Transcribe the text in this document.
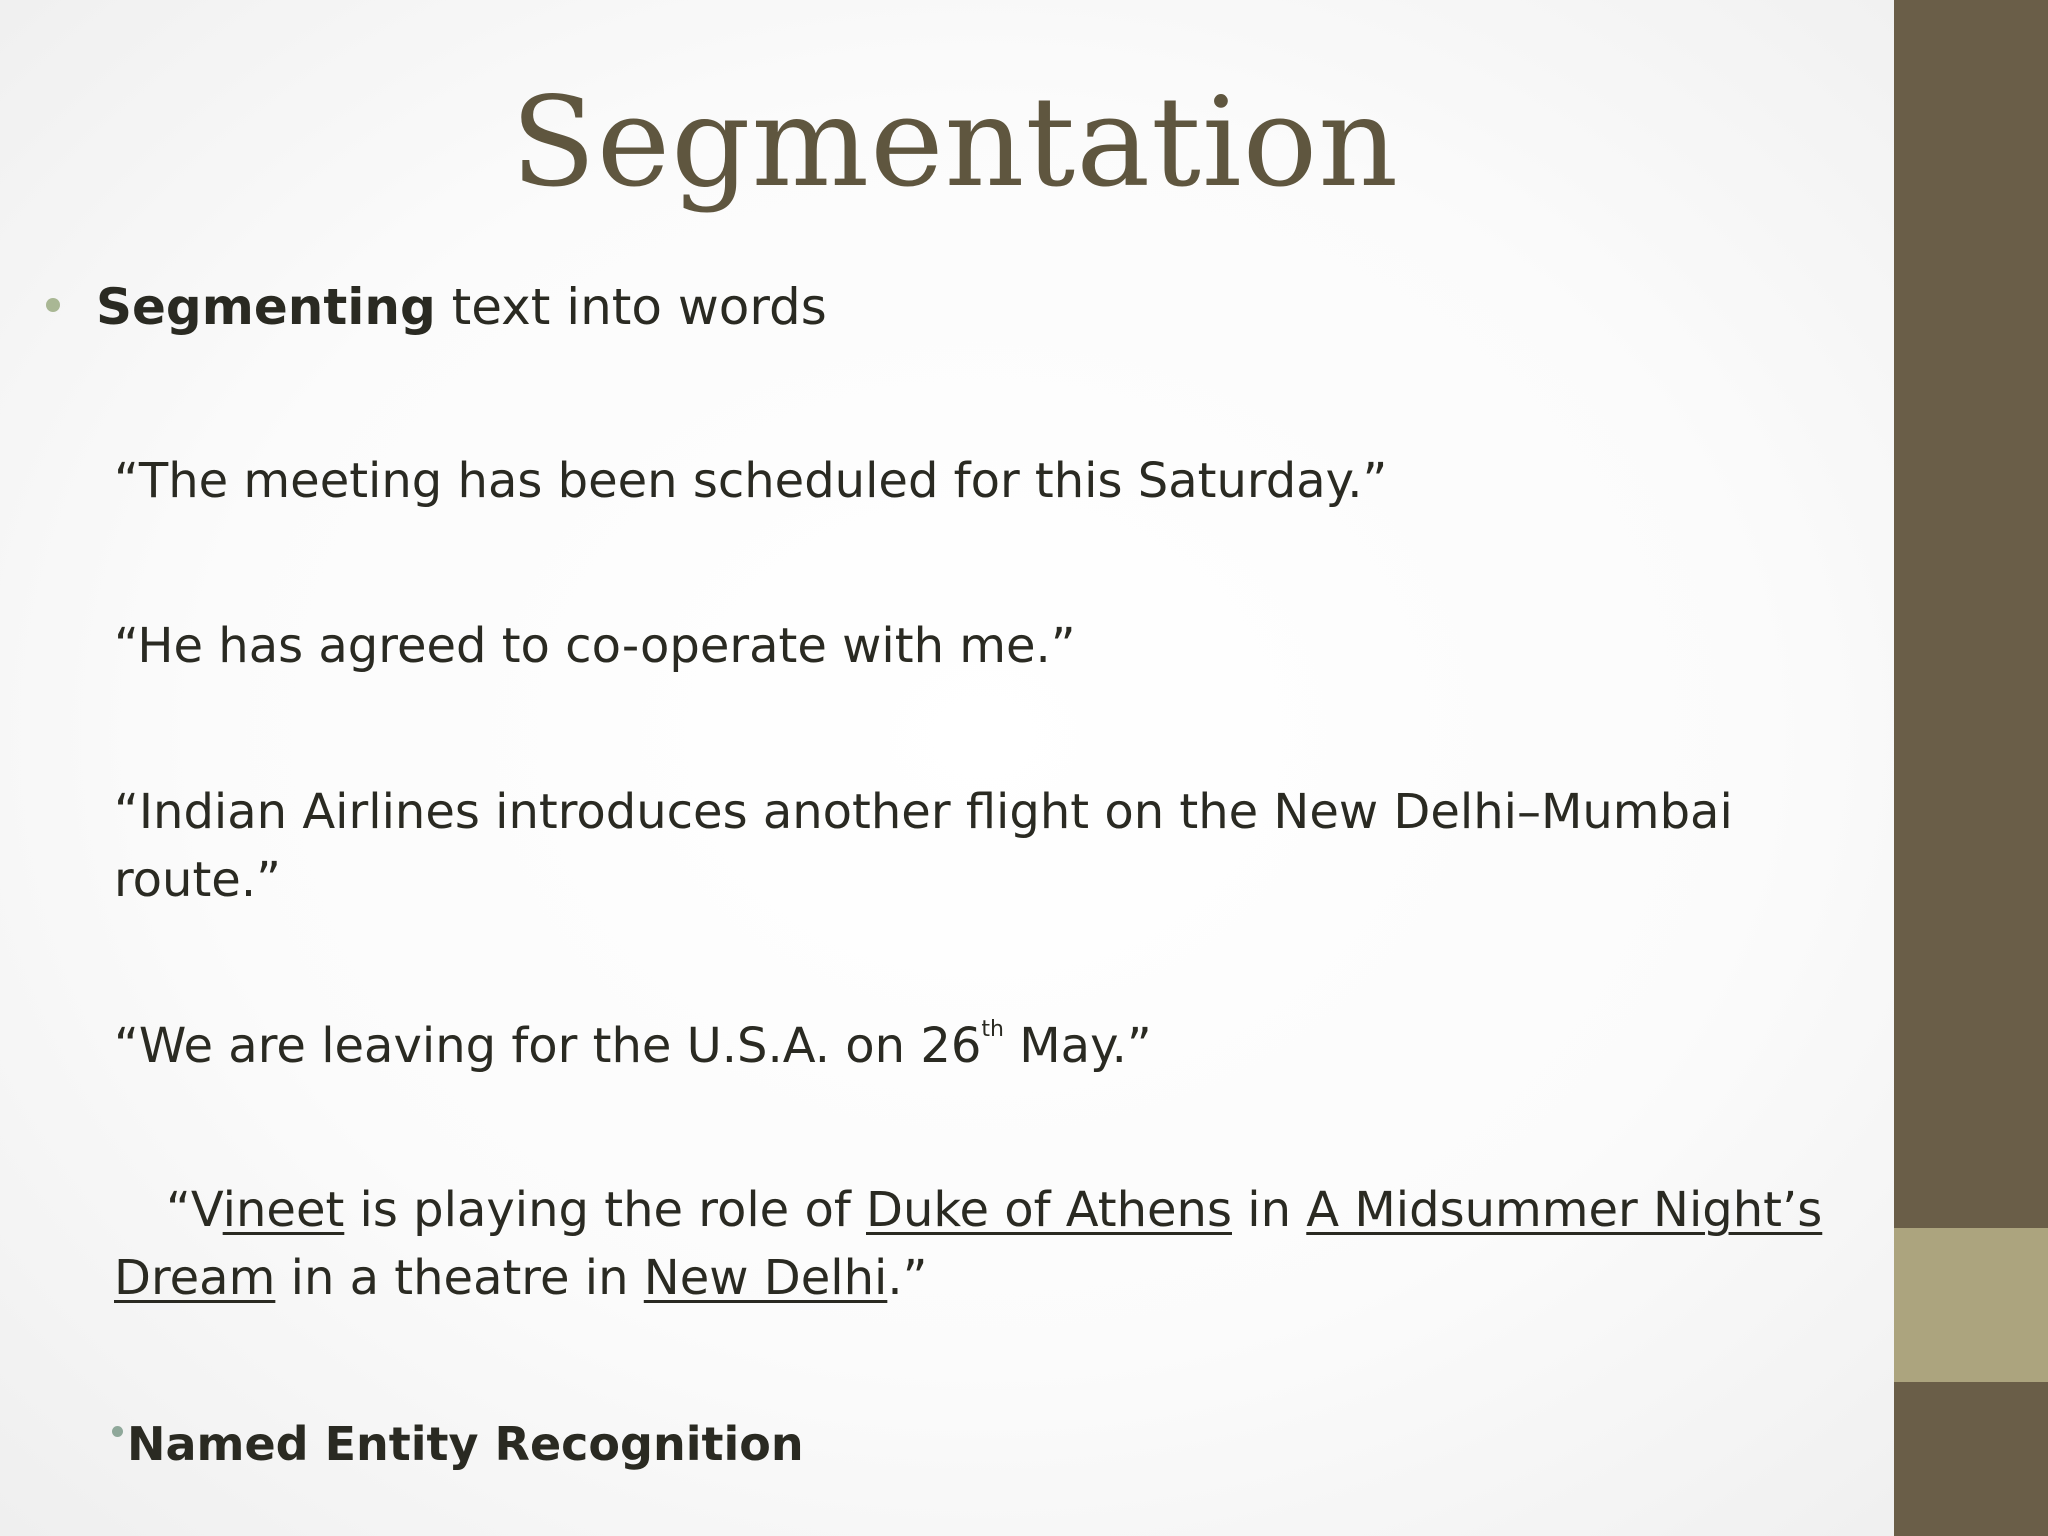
Segmentation
Segmenting text into words
“The meeting has been scheduled for this Saturday.”
“He has agreed to co-operate with me.”
“Indian Airlines introduces another flight on the New Delhi–Mumbai
route.”
“We are leaving for the U.S.A. on 26th May.”
“Vineet is playing the role of Duke of Athens in A Midsummer Night’s
Dream in a theatre in New Delhi.”
Named Entity Recognition
